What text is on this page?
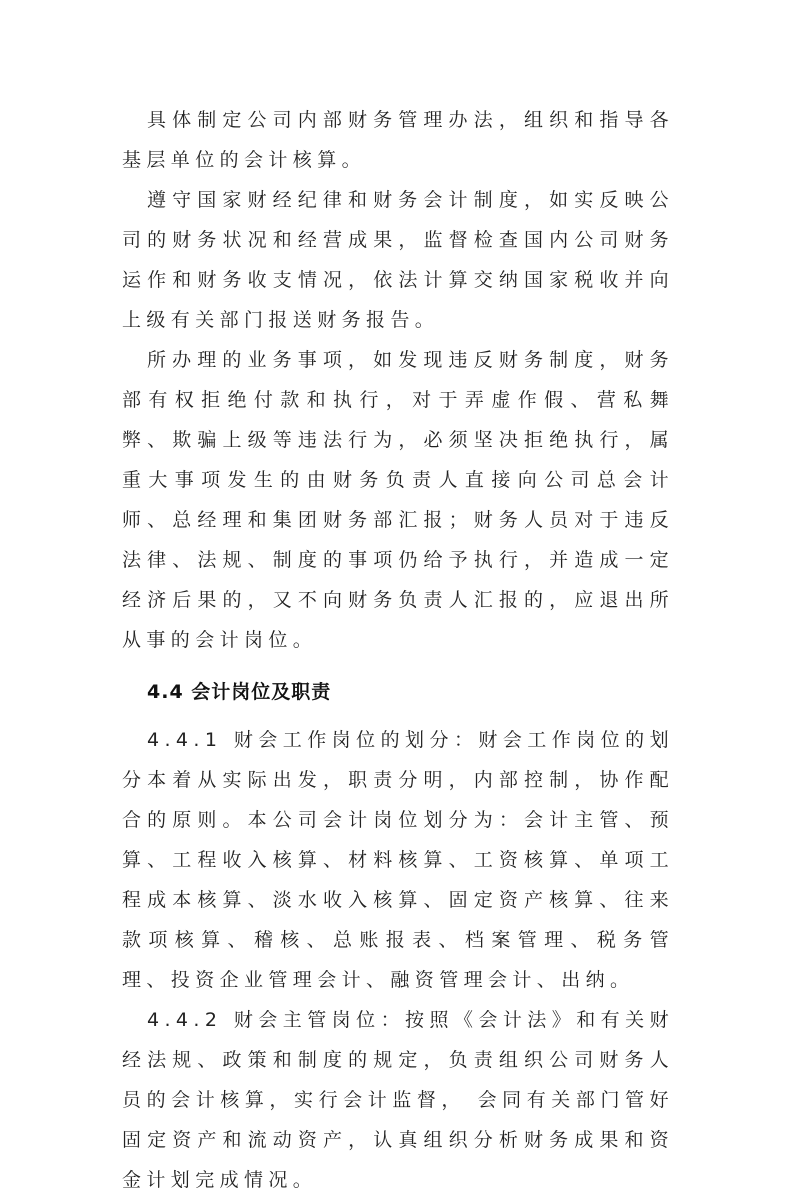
具体制定公司内部财务管理办法，组织和指导各基层单位的会计核算。

遵守国家财经纪律和财务会计制度，如实反映公司的财务状况和经营成果，监督检查国内公司财务运作和财务收支情况，依法计算交纳国家税收并向上级有关部门报送财务报告。

所办理的业务事项，如发现违反财务制度，财务部有权拒绝付款和执行，对于弄虚作假、营私舞弊、欺骗上级等违法行为，必须坚决拒绝执行，属重大事项发生的由财务负责人直接向公司总会计师、总经理和集团财务部汇报；财务人员对于违反法律、法规、制度的事项仍给予执行，并造成一定经济后果的，又不向财务负责人汇报的，应退出所从事的会计岗位。

4.4 会计岗位及职责

4.4.1 财会工作岗位的划分：财会工作岗位的划分本着从实际出发，职责分明，内部控制，协作配合的原则。本公司会计岗位划分为：会计主管、预算、工程收入核算、材料核算、工资核算、单项工程成本核算、淡水收入核算、固定资产核算、往来款项核算、稽核、总账报表、档案管理、税务管理、投资企业管理会计、融资管理会计、出纳。

4.4.2 财会主管岗位：按照《会计法》和有关财经法规、政策和制度的规定，负责组织公司财务人员的会计核算，实行会计监督， 会同有关部门管好固定资产和流动资产，认真组织分析财务成果和资金计划完成情况。
